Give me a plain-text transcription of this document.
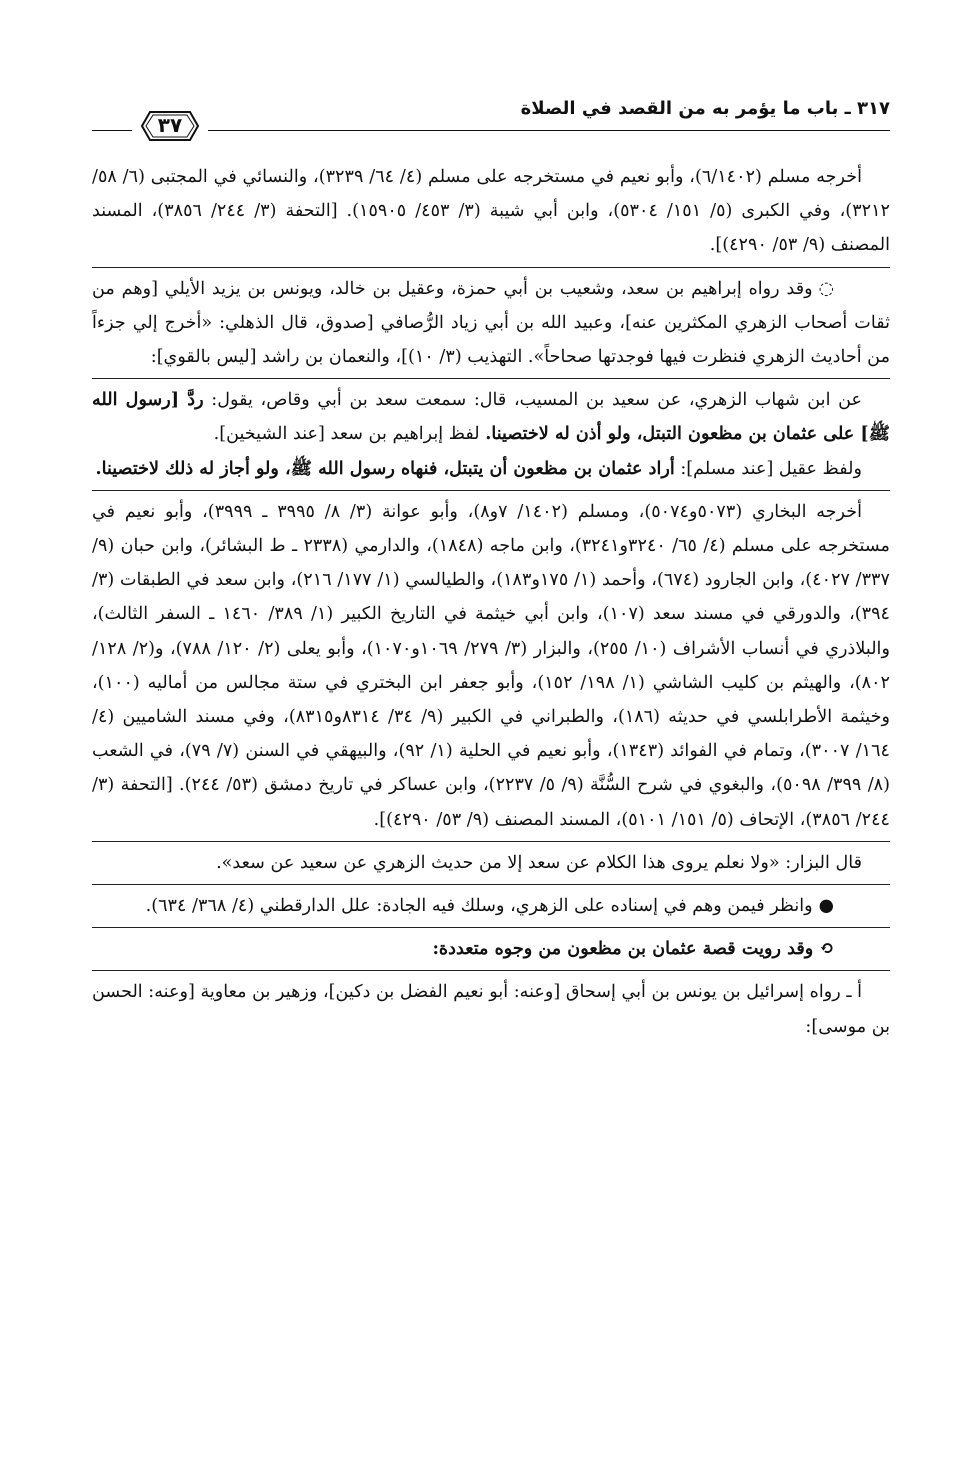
٣١٧ ـ باب ما يؤمر به من القصد في الصلاة
٣٧

أخرجه مسلم (٦/١٤٠٢)، وأبو نعيم في مستخرجه على مسلم (٤/ ٦٤/ ٣٢٣٩)، والنسائي في المجتبى (٦/ ٥٨/ ٣٢١٢)، وفي الكبرى (٥/ ١٥١/ ٥٣٠٤)، وابن أبي شيبة (٣/ ٤٥٣/ ١٥٩٠٥). [التحفة (٣/ ٢٤٤/ ٣٨٥٦)، المسند المصنف (٩/ ٥٣/ ٤٢٩٠)].

◌وقد رواه إبراهيم بن سعد، وشعيب بن أبي حمزة، وعقيل بن خالد، ويونس بن يزيد الأيلي [وهم من ثقات أصحاب الزهري المكثرين عنه]، وعبيد الله بن أبي زياد الرُّصافي [صدوق، قال الذهلي: «أخرج إلي جزءاً من أحاديث الزهري فنظرت فيها فوجدتها صحاحاً». التهذيب (٣/ ١٠)]، والنعمان بن راشد [ليس بالقوي]:

عن ابن شهاب الزهري، عن سعيد بن المسيب، قال: سمعت سعد بن أبي وقاص، يقول: ردَّ [رسول الله ﷺ] على عثمان بن مظعون التبتل، ولو أذن له لاختصينا. لفظ إبراهيم بن سعد [عند الشيخين].

ولفظ عقيل [عند مسلم]: أراد عثمان بن مظعون أن يتبتل، فنهاه رسول الله ﷺ، ولو أجاز له ذلك لاختصينا.

أخرجه البخاري (٥٠٧٣و٥٠٧٤)، ومسلم (١٤٠٢/ ٧و٨)، وأبو عوانة (٣/ ٨/ ٣٩٩٥ ـ ٣٩٩٩)، وأبو نعيم في مستخرجه على مسلم (٤/ ٦٥/ ٣٢٤٠و٣٢٤١)، وابن ماجه (١٨٤٨)، والدارمي (٢٣٣٨ ـ ط البشائر)، وابن حبان (٩/ ٣٣٧/ ٤٠٢٧)، وابن الجارود (٦٧٤)، وأحمد (١/ ١٧٥و١٨٣)، والطيالسي (١/ ١٧٧/ ٢١٦)، وابن سعد في الطبقات (٣/ ٣٩٤)، والدورقي في مسند سعد (١٠٧)، وابن أبي خيثمة في التاريخ الكبير (١/ ٣٨٩/ ١٤٦٠ ـ السفر الثالث)، والبلاذري في أنساب الأشراف (١٠/ ٢٥٥)، والبزار (٣/ ٢٧٩/ ١٠٦٩و١٠٧٠)، وأبو يعلى (٢/ ١٢٠/ ٧٨٨)، و(٢/ ١٢٨/ ٨٠٢)، والهيثم بن كليب الشاشي (١/ ١٩٨/ ١٥٢)، وأبو جعفر ابن البختري في ستة مجالس من أماليه (١٠٠)، وخيثمة الأطرابلسي في حديثه (١٨٦)، والطبراني في الكبير (٩/ ٣٤/ ٨٣١٤و٨٣١٥)، وفي مسند الشاميين (٤/ ١٦٤/ ٣٠٠٧)، وتمام في الفوائد (١٣٤٣)، وأبو نعيم في الحلية (١/ ٩٢)، والبيهقي في السنن (٧/ ٧٩)، في الشعب (٨/ ٣٩٩/ ٥٠٩٨)، والبغوي في شرح السُّنَّة (٩/ ٥/ ٢٢٣٧)، وابن عساكر في تاريخ دمشق (٥٣/ ٢٤٤). [التحفة (٣/ ٢٤٤/ ٣٨٥٦)، الإتحاف (٥/ ١٥١/ ٥١٠١)، المسند المصنف (٩/ ٥٣/ ٤٢٩٠)].

قال البزار: «ولا نعلم يروى هذا الكلام عن سعد إلا من حديث الزهري عن سعيد عن سعد».

●وانظر فيمن وهم في إسناده على الزهري، وسلك فيه الجادة: علل الدارقطني (٤/ ٣٦٨/ ٦٣٤).

⟲وقد رويت قصة عثمان بن مظعون من وجوه متعددة:

أ ـ رواه إسرائيل بن يونس بن أبي إسحاق [وعنه: أبو نعيم الفضل بن دكين]، وزهير بن معاوية [وعنه: الحسن بن موسى]:
